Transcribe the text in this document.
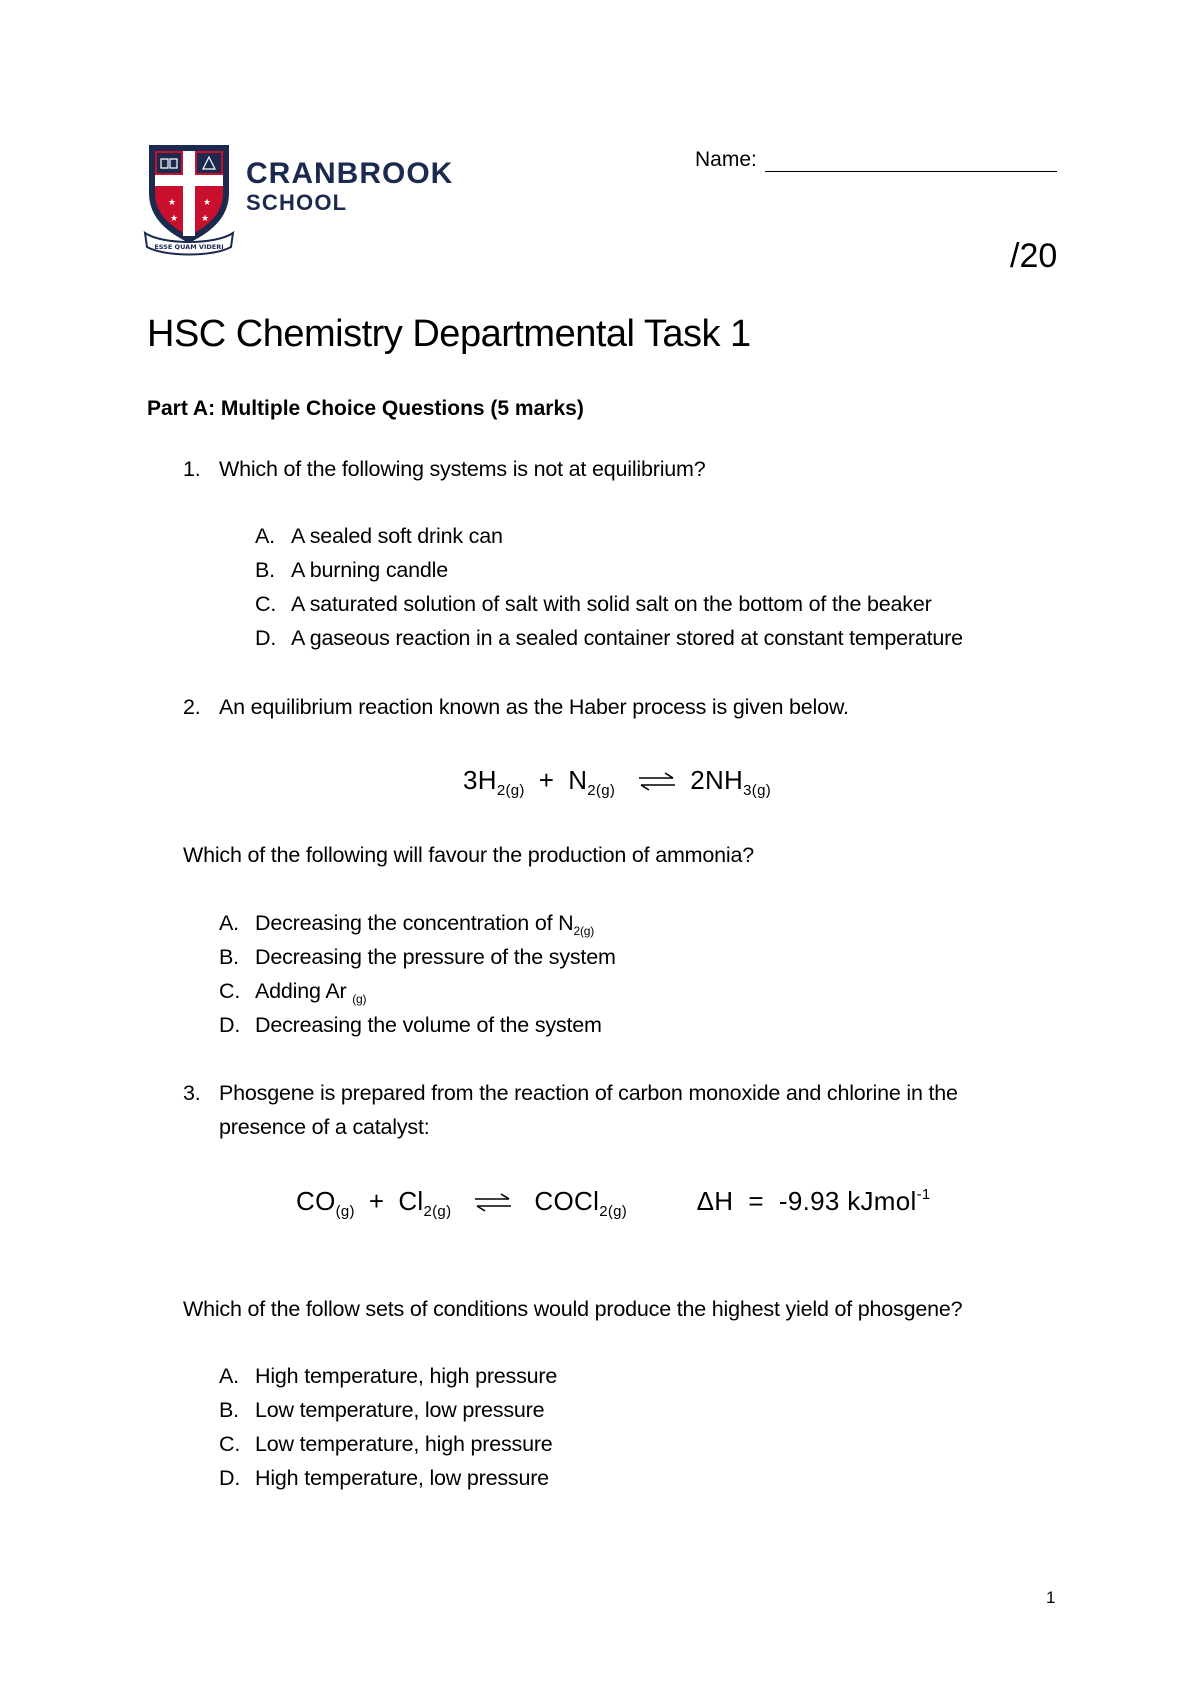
★	★
★	★
ESSE QUAM VIDERI
CRANBROOK
SCHOOL
Name:
/20
HSC Chemistry Departmental Task 1
Part A: Multiple Choice Questions (5 marks)
1. Which of the following systems is not at equilibrium?
A. A sealed soft drink can
B. A burning candle
C. A saturated solution of salt with solid salt on the bottom of the beaker
D. A gaseous reaction in a sealed container stored at constant temperature
2. An equilibrium reaction known as the Haber process is given below.
$3H_{2(g)} + N_{2(g)}$ ⇌ $2NH_{3(g)}$
Which of the following will favour the production of ammonia?
A. Decreasing the concentration of $N_{2(g)}$
B. Decreasing the pressure of the system
C. Adding Ar $_{(g)}$
D. Decreasing the volume of the system
3. Phosgene is prepared from the reaction of carbon monoxide and chlorine in the
presence of a catalyst:
$CO_{(g)} + Cl_{2(g)}$ ⇌ COCl$_{2(g)}$	ΔH  =  -9.93 kJmol$^{-1}$
Which of the follow sets of conditions would produce the highest yield of phosgene?
A. High temperature, high pressure
B. Low temperature, low pressure
C. Low temperature, high pressure
D. High temperature, low pressure
1
